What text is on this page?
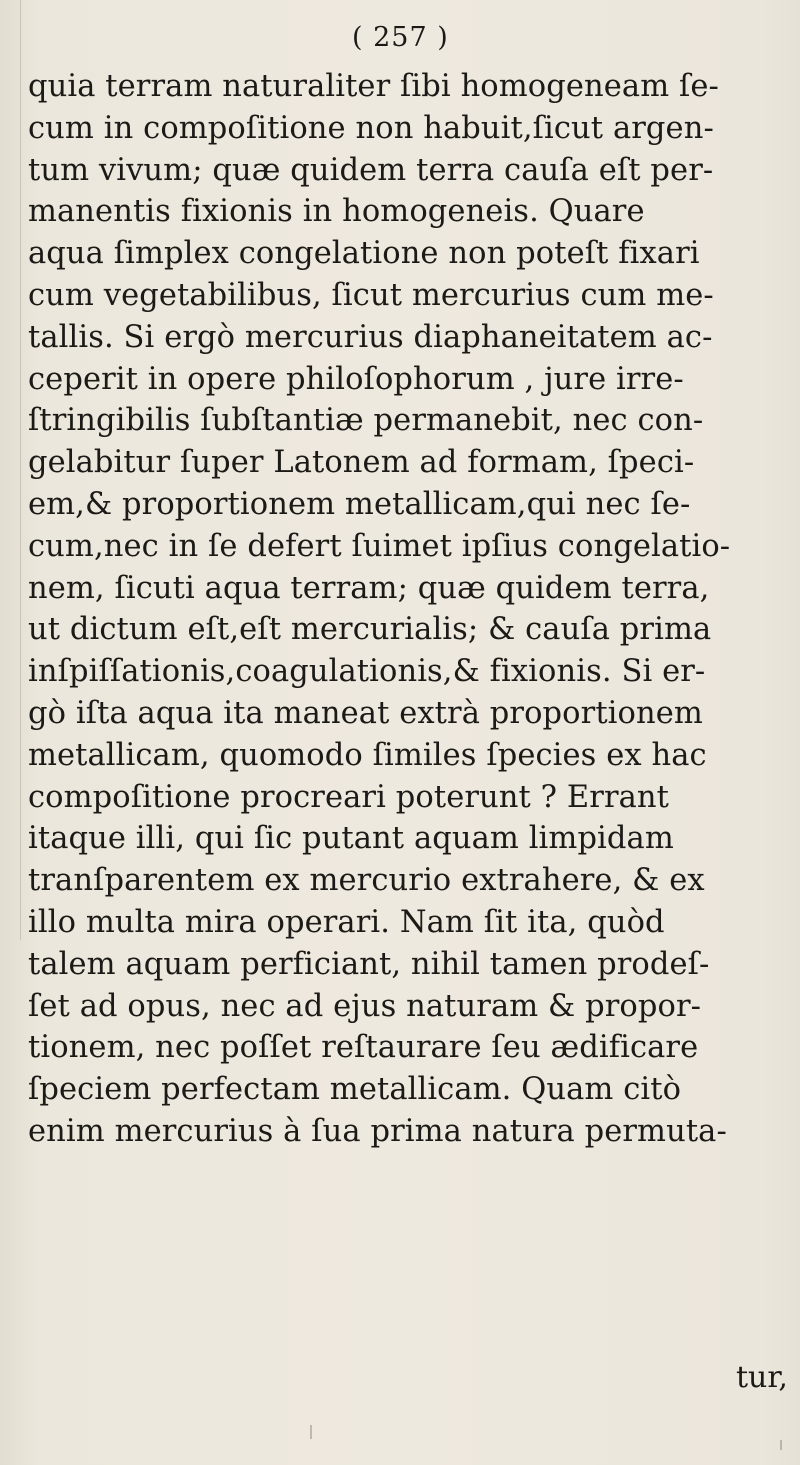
( 257 )
quia terram naturaliter ſibi homogeneam ſe-
cum in compoſitione non habuit,ſicut argen-
tum vivum; quæ quidem terra cauſa eſt per-
manentis fixionis in homogeneis. Quare
aqua ſimplex congelatione non poteſt fixari
cum vegetabilibus, ſicut mercurius cum me-
tallis. Si ergò mercurius diaphaneitatem ac-
ceperit in opere philoſophorum , jure irre-
ſtringibilis ſubſtantiæ permanebit, nec con-
gelabitur ſuper Latonem ad formam, ſpeci-
em,& proportionem metallicam,qui nec ſe-
cum,nec in ſe defert ſuimet ipſius congelatio-
nem, ſicuti aqua terram; quæ quidem terra,
ut dictum eſt,eſt mercurialis; & cauſa prima
inſpiſſationis,coagulationis,& fixionis. Si er-
gò iſta aqua ita maneat extrà proportionem
metallicam, quomodo ſimiles ſpecies ex hac
compoſitione procreari poterunt ? Errant
itaque illi, qui ſic putant aquam limpidam
tranſparentem ex mercurio extrahere, & ex
illo multa mira operari. Nam ſit ita, quòd
talem aquam perficiant, nihil tamen prodeſ-
ſet ad opus, nec ad ejus naturam & propor-
tionem, nec poſſet reſtaurare ſeu ædificare
ſpeciem perfectam metallicam. Quam citò
enim mercurius à ſua prima natura permuta-
tur,
